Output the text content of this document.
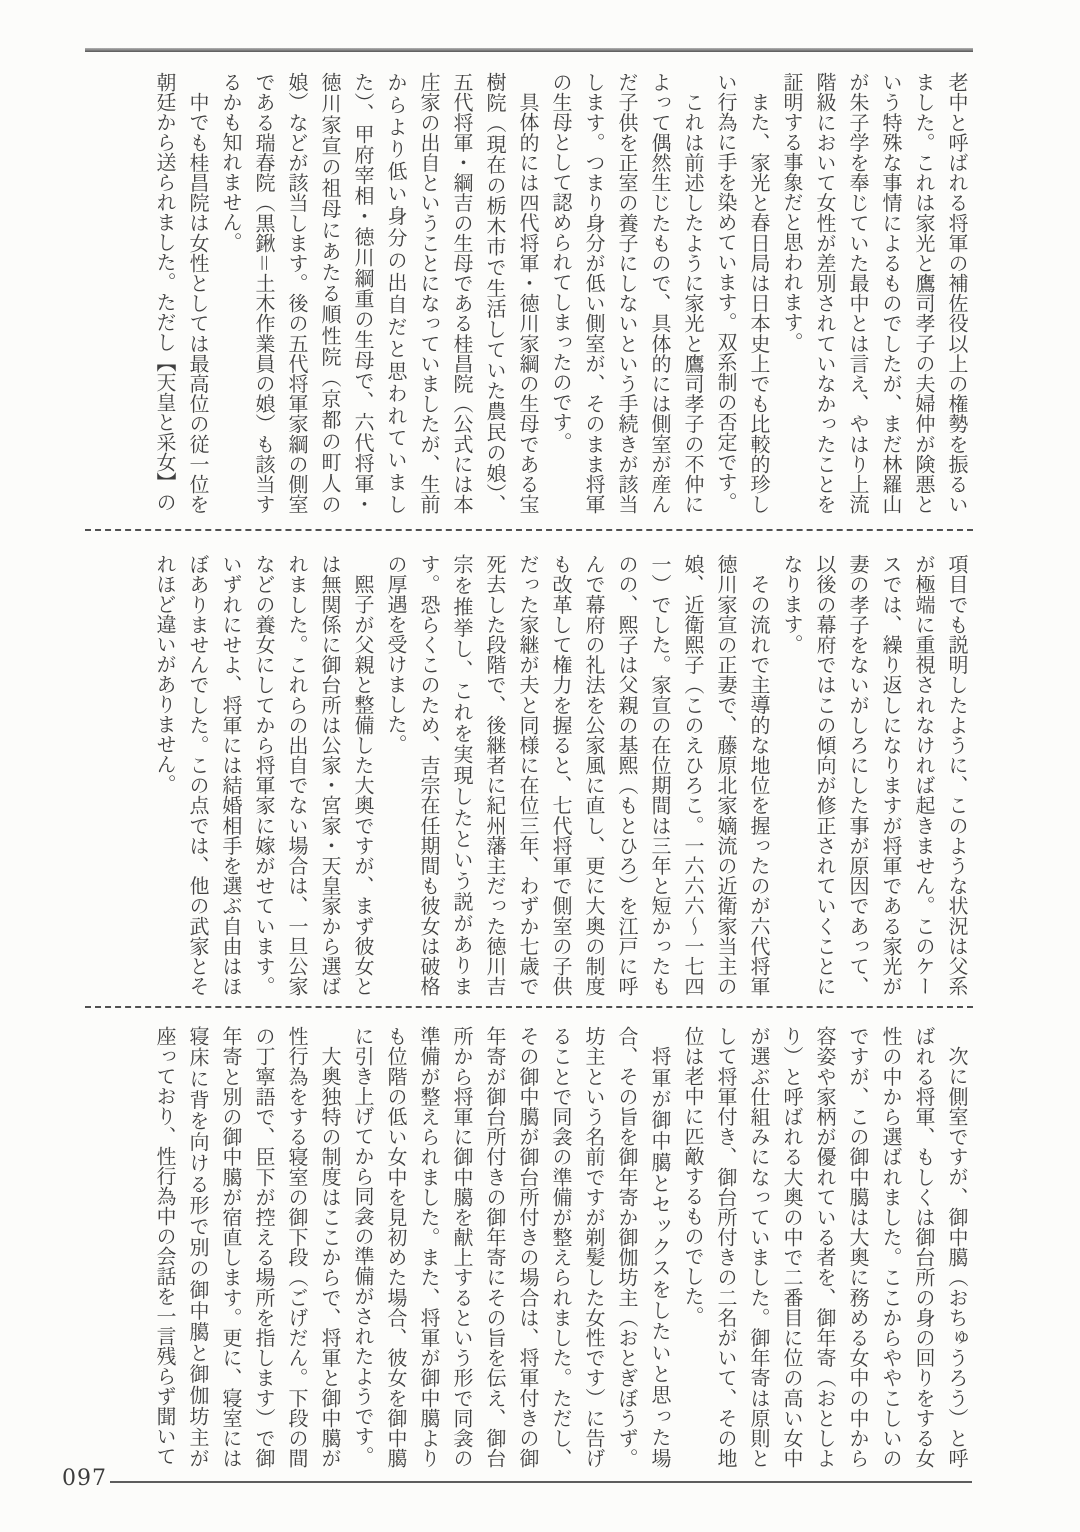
老中と呼ばれる将軍の補佐役以上の権勢を振るいました。これは家光と鷹司孝子の夫婦仲が険悪という特殊な事情によるものでしたが、まだ林羅山が朱子学を奉じていた最中とは言え、やはり上流階級において女性が差別されていなかったことを証明する事象だと思われます。

また、家光と春日局は日本史上でも比較的珍しい行為に手を染めています。双系制の否定です。

これは前述したように家光と鷹司孝子の不仲によって偶然生じたもので、具体的には側室が産んだ子供を正室の養子にしないという手続きが該当します。つまり身分が低い側室が、そのまま将軍の生母として認められてしまったのです。

具体的には四代将軍・徳川家綱の生母である宝樹院（現在の栃木市で生活していた農民の娘）、五代将軍・綱吉の生母である桂昌院（公式には本庄家の出自ということになっていましたが、生前からより低い身分の出自だと思われていました）、甲府宰相・徳川綱重の生母で、六代将軍・徳川家宣の祖母にあたる順性院（京都の町人の娘）などが該当します。後の五代将軍家綱の側室である瑞春院（黒鍬＝土木作業員の娘）も該当するかも知れません。

中でも桂昌院は女性としては最高位の従一位を朝廷から送られました。ただし【天皇と采女】の

項目でも説明したように、このような状況は父系が極端に重視されなければ起きません。このケースでは、繰り返しになりますが将軍である家光が妻の孝子をないがしろにした事が原因であって、以後の幕府ではこの傾向が修正されていくことになります。

その流れで主導的な地位を握ったのが六代将軍徳川家宣の正妻で、藤原北家嫡流の近衛家当主の娘、近衛熙子（このえひろこ。一六六六〜一七四一）でした。家宣の在位期間は三年と短かったものの、熙子は父親の基熙（もとひろ）を江戸に呼んで幕府の礼法を公家風に直し、更に大奥の制度も改革して権力を握ると、七代将軍で側室の子供だった家継が夫と同様に在位三年、わずか七歳で死去した段階で、後継者に紀州藩主だった徳川吉宗を推挙し、これを実現したという説があります。恐らくこのため、吉宗在任期間も彼女は破格の厚遇を受けました。

熙子が父親と整備した大奥ですが、まず彼女とは無関係に御台所は公家・宮家・天皇家から選ばれました。これらの出自でない場合は、一旦公家などの養女にしてから将軍家に嫁がせています。いずれにせよ、将軍には結婚相手を選ぶ自由はほぼありませんでした。この点では、他の武家とそれほど違いがありません。

次に側室ですが、御中臈（おちゅうろう）と呼ばれる将軍、もしくは御台所の身の回りをする女性の中から選ばれました。ここからややこしいのですが、この御中臈は大奥に務める女中の中から容姿や家柄が優れている者を、御年寄（おとしより）と呼ばれる大奥の中で二番目に位の高い女中が選ぶ仕組みになっていました。御年寄は原則として将軍付き、御台所付きの二名がいて、その地位は老中に匹敵するものでした。

将軍が御中臈とセックスをしたいと思った場合、その旨を御年寄か御伽坊主（おとぎぼうず。坊主という名前ですが剃髪した女性です）に告げることで同衾の準備が整えられました。ただし、その御中臈が御台所付きの場合は、将軍付きの御年寄が御台所付きの御年寄にその旨を伝え、御台所から将軍に御中臈を献上するという形で同衾の準備が整えられました。また、将軍が御中臈よりも位階の低い女中を見初めた場合、彼女を御中臈に引き上げてから同衾の準備がされたようです。

大奥独特の制度はここからで、将軍と御中臈が性行為をする寝室の御下段（ごげだん。下段の間の丁寧語で、臣下が控える場所を指します）で御年寄と別の御中臈が宿直します。更に、寝室には寝床に背を向ける形で別の御中臈と御伽坊主が座っており、性行為中の会話を一言残らず聞いて

097
